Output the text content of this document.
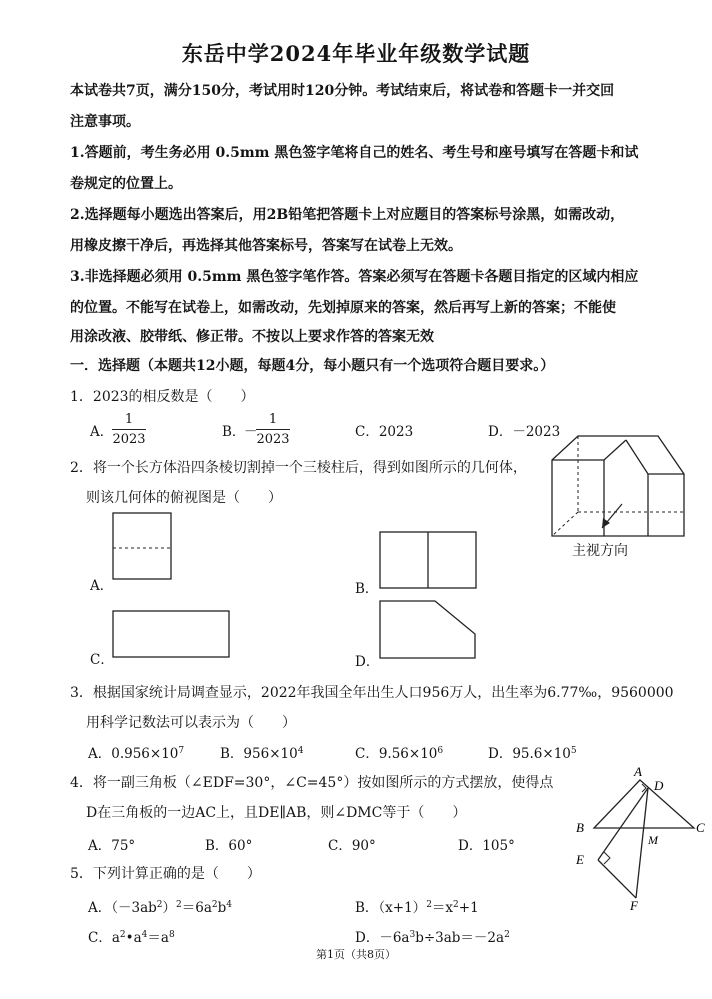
东岳中学2024年毕业年级数学试题
本试卷共7页，满分150分，考试用时120分钟。考试结束后，将试卷和答题卡一并交回
注意事项。
1.答题前，考生务必用 0.5mm 黑色签字笔将自己的姓名、考生号和座号填写在答题卡和试
卷规定的位置上。
2.选择题每小题选出答案后，用2B铅笔把答题卡上对应题目的答案标号涂黑，如需改动，
用橡皮擦干净后，再选择其他答案标号，答案写在试卷上无效。
3.非选择题必须用 0.5mm 黑色签字笔作答。答案必须写在答题卡各题目指定的区域内相应
的位置。不能写在试卷上，如需改动，先划掉原来的答案，然后再写上新的答案；不能使
用涂改液、胶带纸、修正带。不按以上要求作答的答案无效
一．选择题（本题共12小题，每题4分，每小题只有一个选项符合题目要求。）
1．2023的相反数是（　　）
A．
1
2023	B．
－
1
2023	C．2023	D．－2023
2．将一个长方体沿四条棱切割掉一个三棱柱后，得到如图所示的几何体，
则该几何体的俯视图是（　　）
主视方向
A．	B．
C．	D．
3．根据国家统计局调查显示，2022年我国全年出生人口956万人，出生率为6.77‰，9560000
用科学记数法可以表示为（　　）
A．$0.956\times 10^7$	B．$956\times 10^4$	C．$9.56\times 10^6$	D．$95.6\times 10^5$
4．将一副三角板（∠EDF=30°，∠C=45°）按如图所示的方式摆放，使得点
D在三角板的一边AC上，且DE∥AB，则∠DMC等于（　　）
A．75°	B．60°	C．90°	D．105°
A
D
B	C
M
E
F
5．下列计算正确的是（　　）
A．$(-3ab^2)^2=6a^2b^4$	B．$(x+1)^2=x^2+1$
C．$a^2•a^4=a^8$	D．$-6a^3b\div 3ab=-2a^2$
第1页（共8页）
